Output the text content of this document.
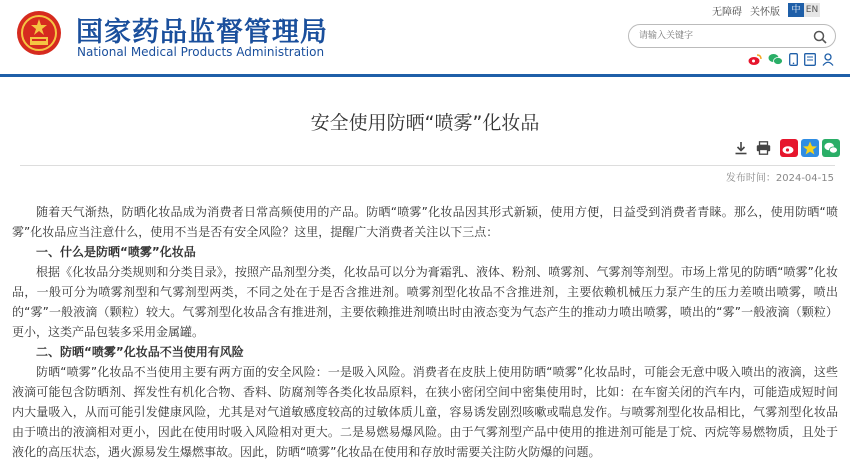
国家药品监督管理局
National Medical Products Administration
无障碍 关怀版	中 EN
请输入关键字
安全使用防晒“喷雾”化妆品
发布时间：2024-04-15

随着天气渐热，防晒化妆品成为消费者日常高频使用的产品。防晒“喷雾”化妆品因其形式新颖，使用方便，日益受到消费者青睐。那么，使用防晒“喷雾”化妆品应当注意什么，使用不当是否有安全风险？这里，提醒广大消费者关注以下三点：

一、什么是防晒“喷雾”化妆品

根据《化妆品分类规则和分类目录》，按照产品剂型分类，化妆品可以分为膏霜乳、液体、粉剂、喷雾剂、气雾剂等剂型。市场上常见的防晒“喷雾”化妆品，一般可分为喷雾剂型和气雾剂型两类，不同之处在于是否含推进剂。喷雾剂型化妆品不含推进剂，主要依赖机械压力泵产生的压力差喷出喷雾，喷出的“雾”一般液滴（颗粒）较大。气雾剂型化妆品含有推进剂，主要依赖推进剂喷出时由液态变为气态产生的推动力喷出喷雾，喷出的“雾”一般液滴（颗粒）更小，这类产品包装多采用金属罐。

二、防晒“喷雾”化妆品不当使用有风险

防晒“喷雾”化妆品不当使用主要有两方面的安全风险：一是吸入风险。消费者在皮肤上使用防晒“喷雾”化妆品时，可能会无意中吸入喷出的液滴，这些液滴可能包含防晒剂、挥发性有机化合物、香料、防腐剂等各类化妆品原料，在狭小密闭空间中密集使用时，比如：在车窗关闭的汽车内，可能造成短时间内大量吸入，从而可能引发健康风险，尤其是对气道敏感度较高的过敏体质儿童，容易诱发剧烈咳嗽或喘息发作。与喷雾剂型化妆品相比，气雾剂型化妆品由于喷出的液滴相对更小，因此在使用时吸入风险相对更大。二是易燃易爆风险。由于气雾剂型产品中使用的推进剂可能是丁烷、丙烷等易燃物质，且处于液化的高压状态，遇火源易发生爆燃事故。因此，防晒“喷雾”化妆品在使用和存放时需要关注防火防爆的问题。
